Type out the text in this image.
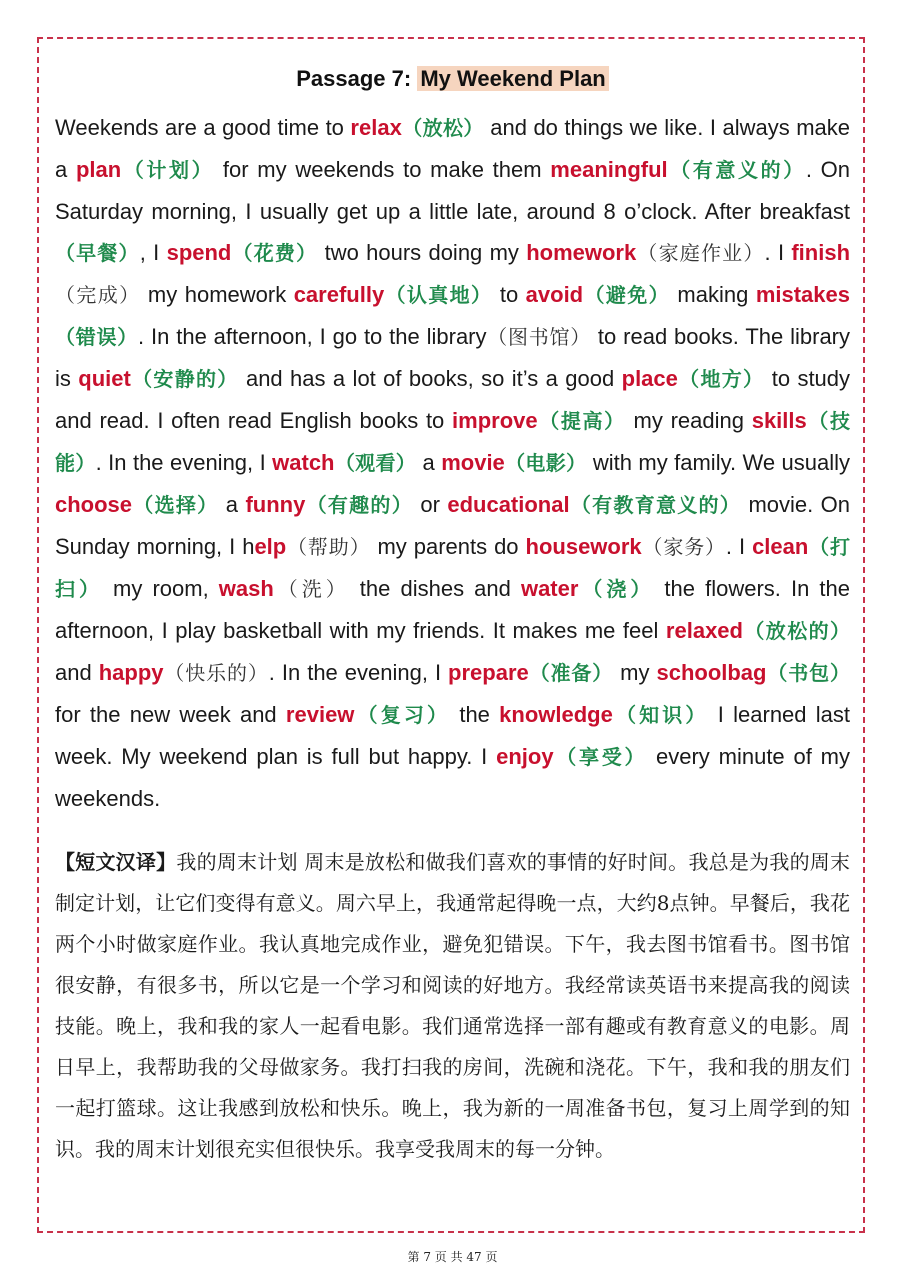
Passage 7: My Weekend Plan

Weekends are a good time to relax（放松） and do things we like. I always make a plan（计划） for my weekends to make them meaningful（有意义的）. On Saturday morning, I usually get up a little late, around 8 o’clock. After breakfast（早餐）, I spend（花费） two hours doing my homework（家庭作业）. I finish（完成） my homework carefully（认真地） to avoid（避免） making mistakes（错误）. In the afternoon, I go to the library（图书馆） to read books. The library is quiet（安静的） and has a lot of books, so it’s a good place（地方） to study and read. I often read English books to improve（提高） my reading skills（技能）. In the evening, I watch（观看） a movie（电影） with my family. We usually choose（选择） a funny（有趣的） or educational（有教育意义的） movie. On Sunday morning, I help（帮助） my parents do housework（家务）. I clean（打扫） my room, wash（洗） the dishes and water（浇） the flowers. In the afternoon, I play basketball with my friends. It makes me feel relaxed（放松的） and happy（快乐的）. In the evening, I prepare（准备） my schoolbag（书包） for the new week and review（复习） the knowledge（知识） I learned last week. My weekend plan is full but happy. I enjoy（享受） every minute of my weekends.

【短文汉译】我的周末计划 周末是放松和做我们喜欢的事情的好时间。我总是为我的周末制定计划，让它们变得有意义。周六早上，我通常起得晚一点，大约8点钟。早餐后，我花两个小时做家庭作业。我认真地完成作业，避免犯错误。下午，我去图书馆看书。图书馆很安静，有很多书，所以它是一个学习和阅读的好地方。我经常读英语书来提高我的阅读技能。晚上，我和我的家人一起看电影。我们通常选择一部有趣或有教育意义的电影。周日早上，我帮助我的父母做家务。我打扫我的房间，洗碗和浇花。下午，我和我的朋友们一起打篮球。这让我感到放松和快乐。晚上，我为新的一周准备书包，复习上周学到的知识。我的周末计划很充实但很快乐。我享受我周末的每一分钟。

第 7 页 共 47 页
